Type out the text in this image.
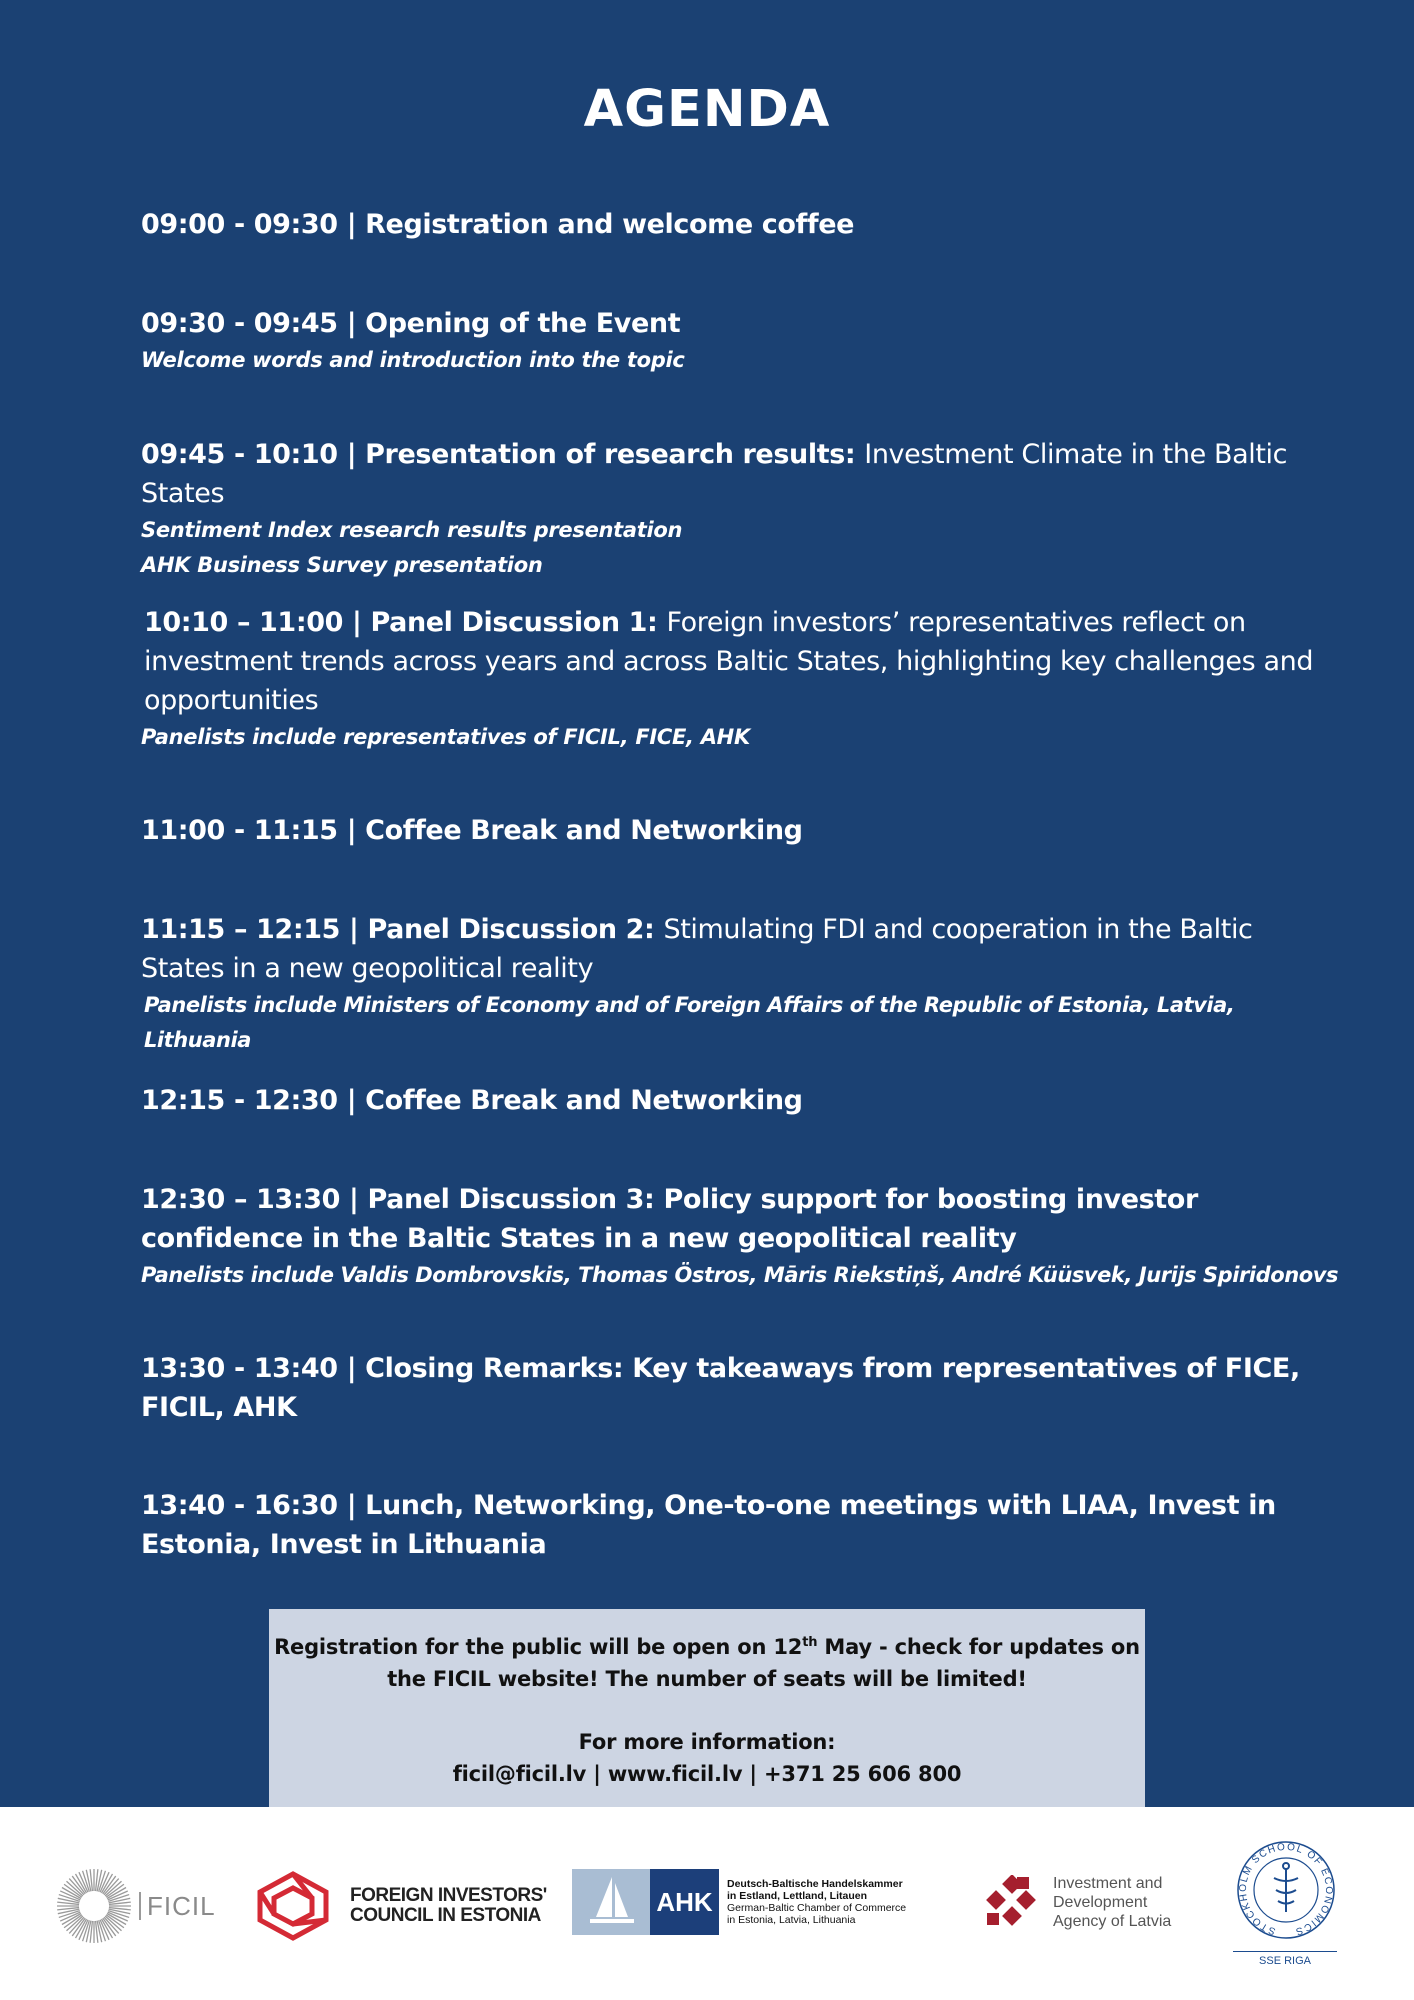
AGENDA
09:00 - 09:30 | Registration and welcome coffee
09:30 - 09:45 | Opening of the Event
Welcome words and introduction into the topic
09:45 - 10:10 | Presentation of research results: Investment Climate in the Baltic States
Sentiment Index research results presentation
AHK Business Survey presentation
10:10 – 11:00 | Panel Discussion 1: Foreign investors’ representatives reflect on investment trends across years and across Baltic States, highlighting key challenges and opportunities
Panelists include representatives of FICIL, FICE, AHK
11:00 - 11:15 | Coffee Break and Networking
11:15 – 12:15 | Panel Discussion 2: Stimulating FDI and cooperation in the Baltic States in a new geopolitical reality
Panelists include Ministers of Economy and of Foreign Affairs of the Republic of Estonia, Latvia, Lithuania
12:15 - 12:30 | Coffee Break and Networking
12:30 – 13:30 | Panel Discussion 3: Policy support for boosting investor confidence in the Baltic States in a new geopolitical reality
Panelists include Valdis Dombrovskis, Thomas Östros, Māris Riekstiņš, André Küüsvek, Jurijs Spiridonovs
13:30 - 13:40 | Closing Remarks: Key takeaways from representatives of FICE, FICIL, AHK
13:40 - 16:30 | Lunch, Networking, One-to-one meetings with LIAA, Invest in Estonia, Invest in Lithuania
Registration for the public will be open on 12th May - check for updates on
the FICIL website! The number of seats will be limited!
For more information:
ficil@ficil.lv | www.ficil.lv | +371 25 606 800
FICIL	FOREIGN INVESTORS'
COUNCIL IN ESTONIA	AHK
Deutsch-Baltische Handelskammer
in Estland, Lettland, Litauen
German-Baltic Chamber of Commerce
in Estonia, Latvia, Lithuania
Investment and
Development
Agency of Latvia	STOCKHOLM SCHOOL OF ECONOMICS
SSE RIGA
